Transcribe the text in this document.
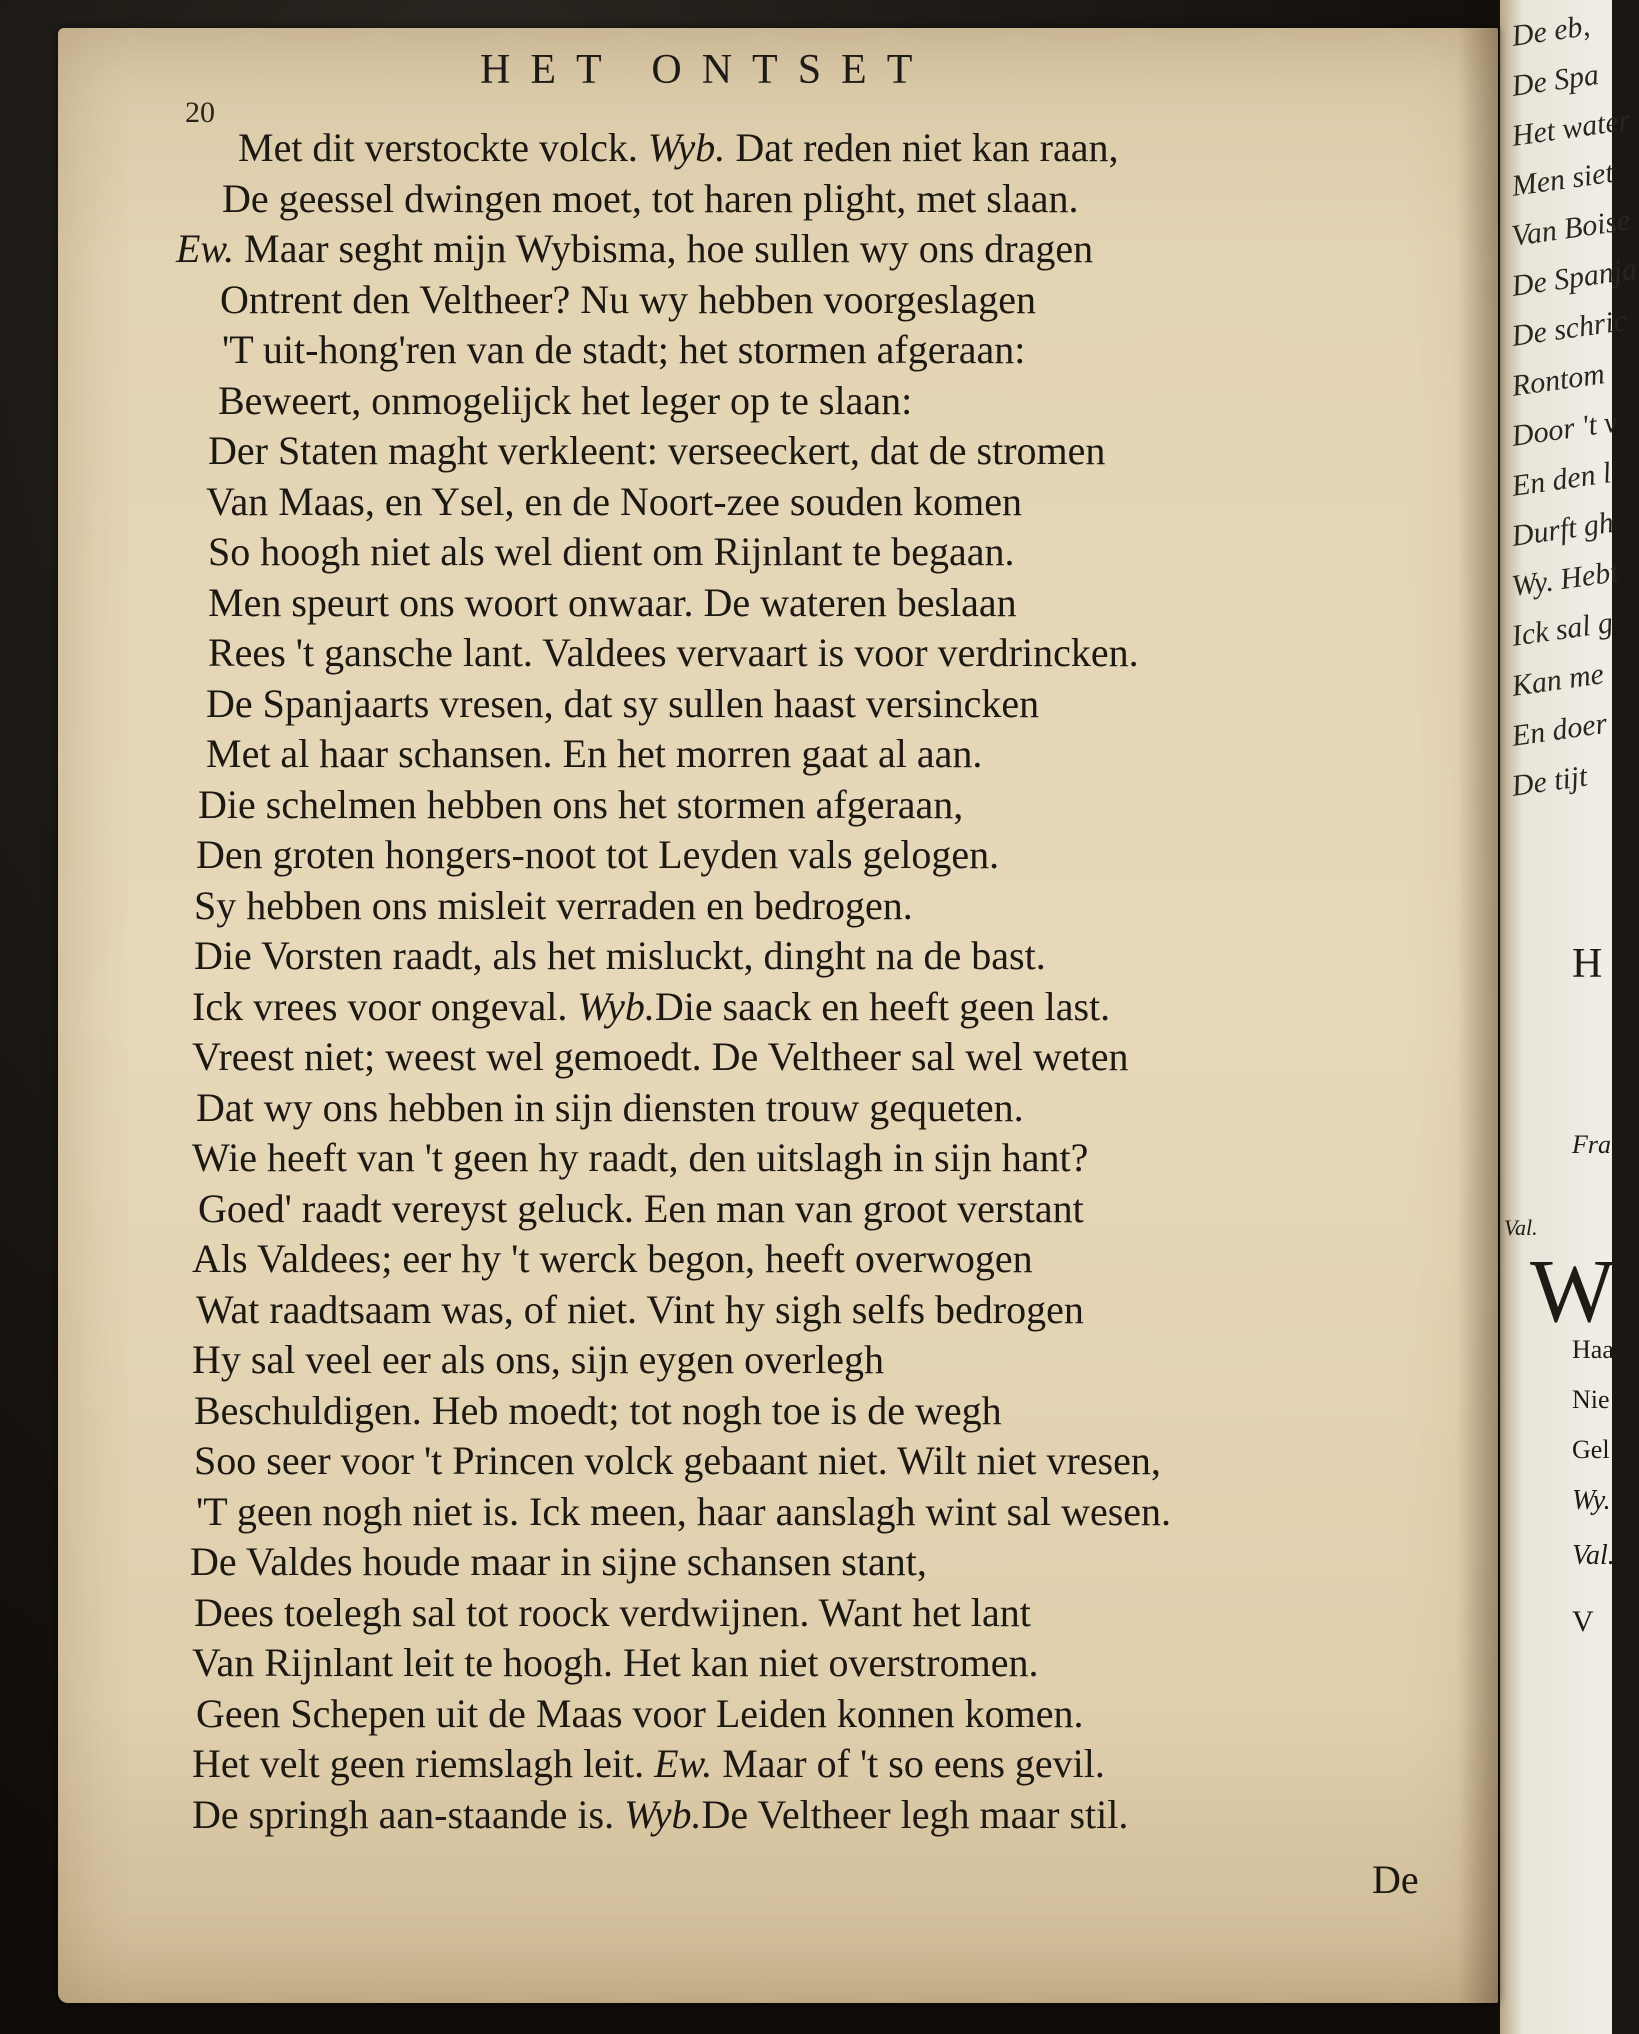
De eb,
De Spa
Het water
Men siet
Van Boise
De Spanja
De schric
Rontom
Door 't v
En den l
Durft gh
Wy. Hebt
Ick sal g
Kan me
En doer
De tijt
H
Fra
Val.
W
Haa
Nie
Gel
Wy.
Val.
V
20
HET ONTSET
Met dit verstockte volck. Wyb. Dat reden niet kan raan,
De geessel dwingen moet, tot haren plight, met slaan.
Ew. Maar seght mijn Wybisma, hoe sullen wy ons dragen
Ontrent den Veltheer? Nu wy hebben voorgeslagen
'T uit-hong'ren van de stadt; het stormen afgeraan:
Beweert, onmogelijck het leger op te slaan:
Der Staten maght verkleent: verseeckert, dat de stromen
Van Maas, en Ysel, en de Noort-zee souden komen
So hoogh niet als wel dient om Rijnlant te begaan.
Men speurt ons woort onwaar. De wateren beslaan
Rees 't gansche lant. Valdees vervaart is voor verdrincken.
De Spanjaarts vresen, dat sy sullen haast versincken
Met al haar schansen. En het morren gaat al aan.
Die schelmen hebben ons het stormen afgeraan,
Den groten hongers-noot tot Leyden vals gelogen.
Sy hebben ons misleit verraden en bedrogen.
Die Vorsten raadt, als het misluckt, dinght na de bast.
Ick vrees voor ongeval. Wyb.Die saack en heeft geen last.
Vreest niet; weest wel gemoedt. De Veltheer sal wel weten
Dat wy ons hebben in sijn diensten trouw gequeten.
Wie heeft van 't geen hy raadt, den uitslagh in sijn hant?
Goed' raadt vereyst geluck. Een man van groot verstant
Als Valdees; eer hy 't werck begon, heeft overwogen
Wat raadtsaam was, of niet. Vint hy sigh selfs bedrogen
Hy sal veel eer als ons, sijn eygen overlegh
Beschuldigen. Heb moedt; tot nogh toe is de wegh
Soo seer voor 't Princen volck gebaant niet. Wilt niet vresen,
'T geen nogh niet is. Ick meen, haar aanslagh wint sal wesen.
De Valdes houde maar in sijne schansen stant,
Dees toelegh sal tot roock verdwijnen. Want het lant
Van Rijnlant leit te hoogh. Het kan niet overstromen.
Geen Schepen uit de Maas voor Leiden konnen komen.
Het velt geen riemslagh leit. Ew. Maar of 't so eens gevil.
De springh aan-staande is. Wyb.De Veltheer legh maar stil.
De
